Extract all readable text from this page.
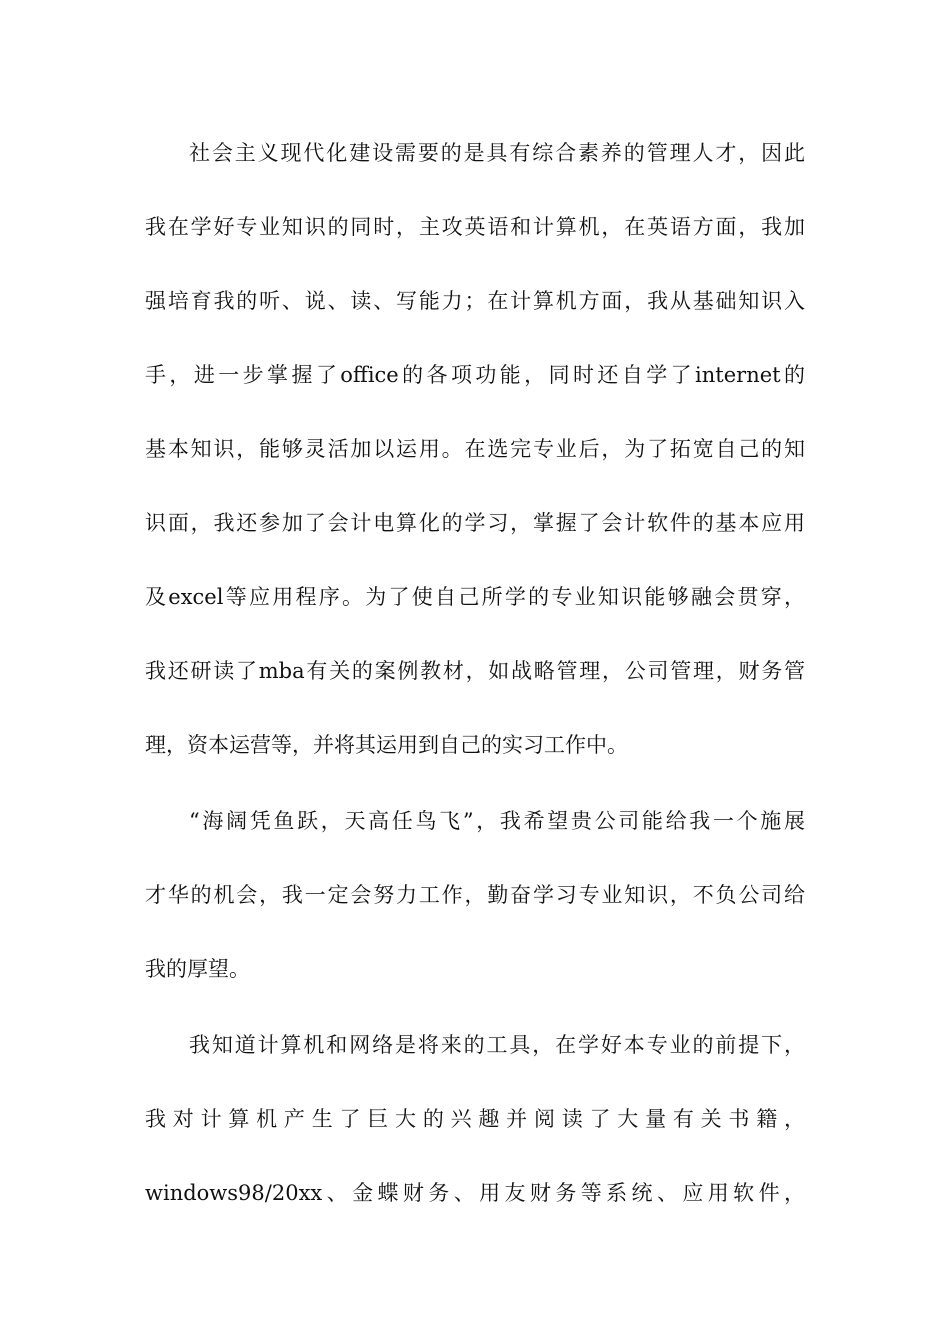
社会主义现代化建设需要的是具有综合素养的管理人才，因此
我在学好专业知识的同时，主攻英语和计算机，在英语方面，我加
强培育我的听、说、读、写能力；在计算机方面，我从基础知识入
手，进一步掌握了office的各项功能，同时还自学了internet的
基本知识，能够灵活加以运用。在选完专业后，为了拓宽自己的知
识面，我还参加了会计电算化的学习，掌握了会计软件的基本应用
及excel等应用程序。为了使自己所学的专业知识能够融会贯穿，
我还研读了mba有关的案例教材，如战略管理，公司管理，财务管
理，资本运营等，并将其运用到自己的实习工作中。
“海阔凭鱼跃，天高任鸟飞”，我希望贵公司能给我一个施展
才华的机会，我一定会努力工作，勤奋学习专业知识，不负公司给
我的厚望。
我知道计算机和网络是将来的工具，在学好本专业的前提下，
我对计算机产生了巨大的兴趣并阅读了大量有关书籍，
windows98/20xx、金蝶财务、用友财务等系统、应用软件，
